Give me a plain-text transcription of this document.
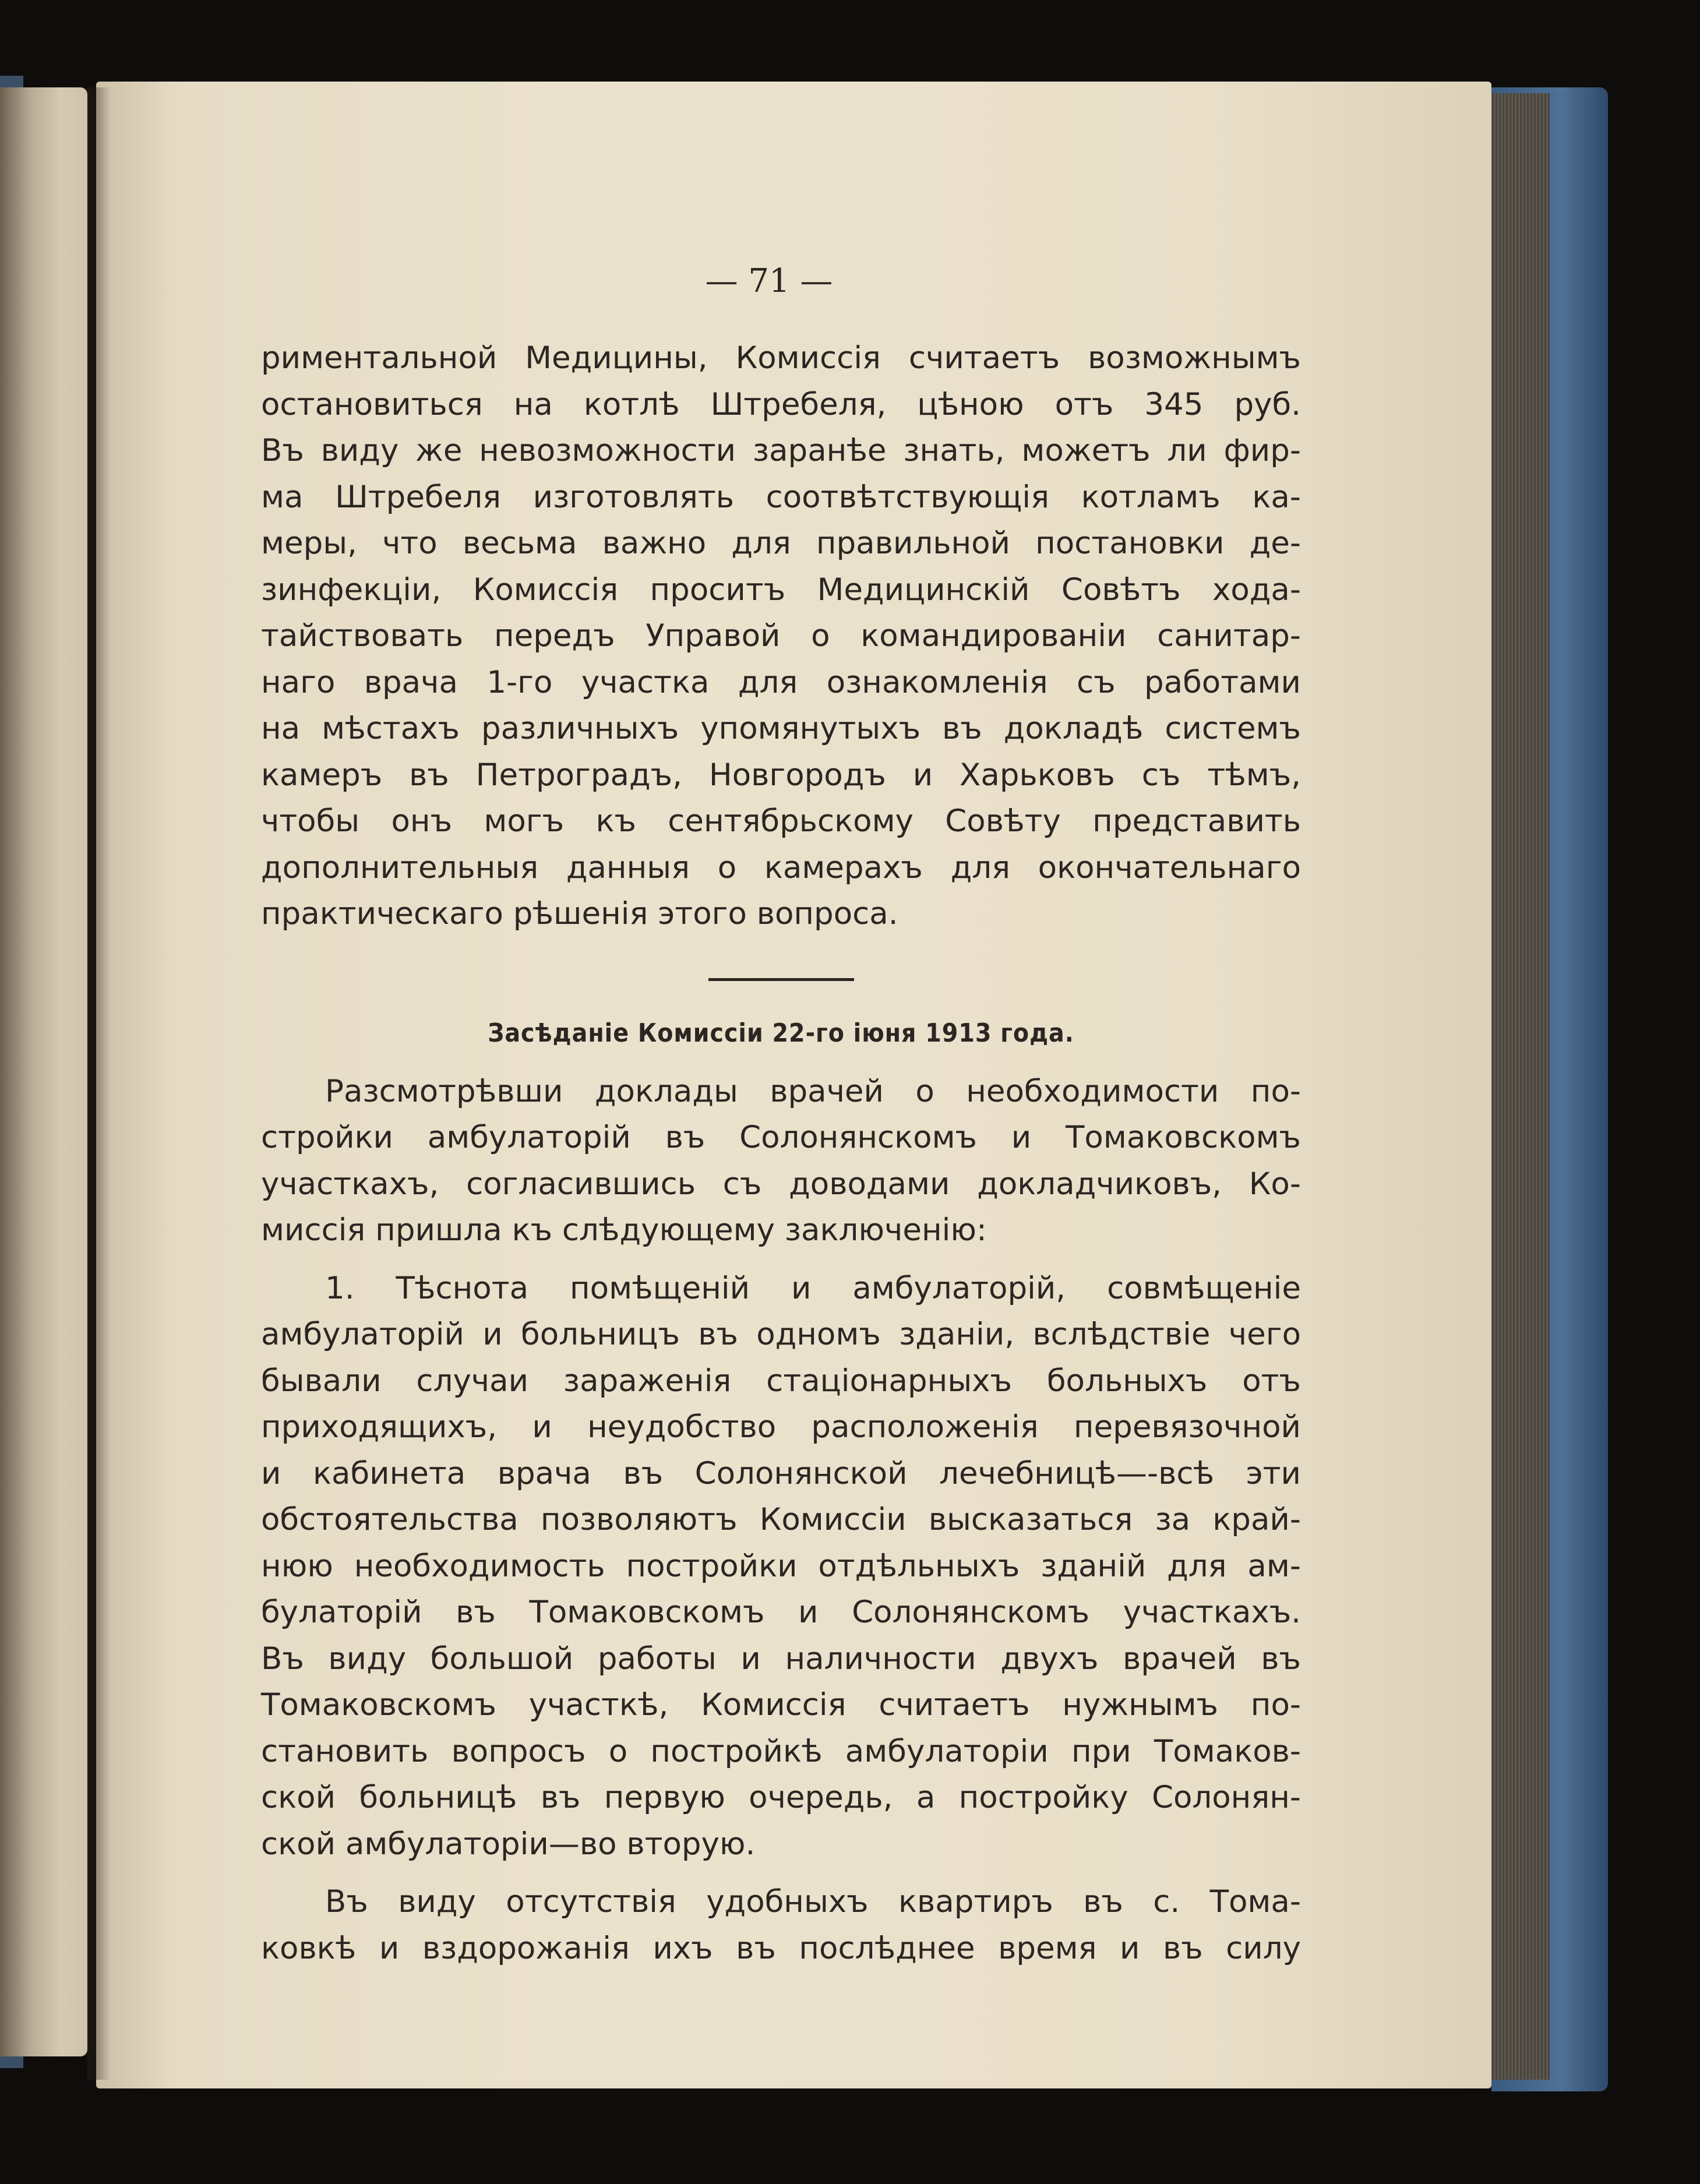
— 71 —
риментальной Медицины, Комиссія считаетъ возможнымъ
остановиться на котлѣ Штребеля, цѣною отъ 345 руб.
Въ виду же невозможности заранѣе знать, можетъ ли фир-
ма Штребеля изготовлять соотвѣтствующія котламъ ка-
меры, что весьма важно для правильной постановки де-
зинфекціи, Комиссія проситъ Медицинскій Совѣтъ хода-
тайствовать передъ Управой о командированіи санитар-
наго врача 1-го участка для ознакомленія съ работами
на мѣстахъ различныхъ упомянутыхъ въ докладѣ системъ
камеръ въ Петроградъ, Новгородъ и Харьковъ съ тѣмъ,
чтобы онъ могъ къ сентябрьскому Совѣту представить
дополнительныя данныя о камерахъ для окончательнаго
практическаго рѣшенія этого вопроса.
Засѣданіе Комиссіи 22-го іюня 1913 года.
Разсмотрѣвши доклады врачей о необходимости по-
стройки амбулаторій въ Солонянскомъ и Томаковскомъ
участкахъ, согласившись съ доводами докладчиковъ, Ко-
миссія пришла къ слѣдующему заключенію:
1. Тѣснота помѣщеній и амбулаторій, совмѣщеніе
амбулаторій и больницъ въ одномъ зданіи, вслѣдствіе чего
бывали случаи зараженія стаціонарныхъ больныхъ отъ
приходящихъ, и неудобство расположенія перевязочной
и кабинета врача въ Солонянской лечебницѣ—-всѣ эти
обстоятельства позволяютъ Комиссіи высказаться за край-
нюю необходимость постройки отдѣльныхъ зданій для ам-
булаторій въ Томаковскомъ и Солонянскомъ участкахъ.
Въ виду большой работы и наличности двухъ врачей въ
Томаковскомъ участкѣ, Комиссія считаетъ нужнымъ по-
становить вопросъ о постройкѣ амбулаторіи при Томаков-
ской больницѣ въ первую очередь, а постройку Солонян-
ской амбулаторіи—во вторую.
Въ виду отсутствія удобныхъ квартиръ въ с. Тома-
ковкѣ и вздорожанія ихъ въ послѣднее время и въ силу
